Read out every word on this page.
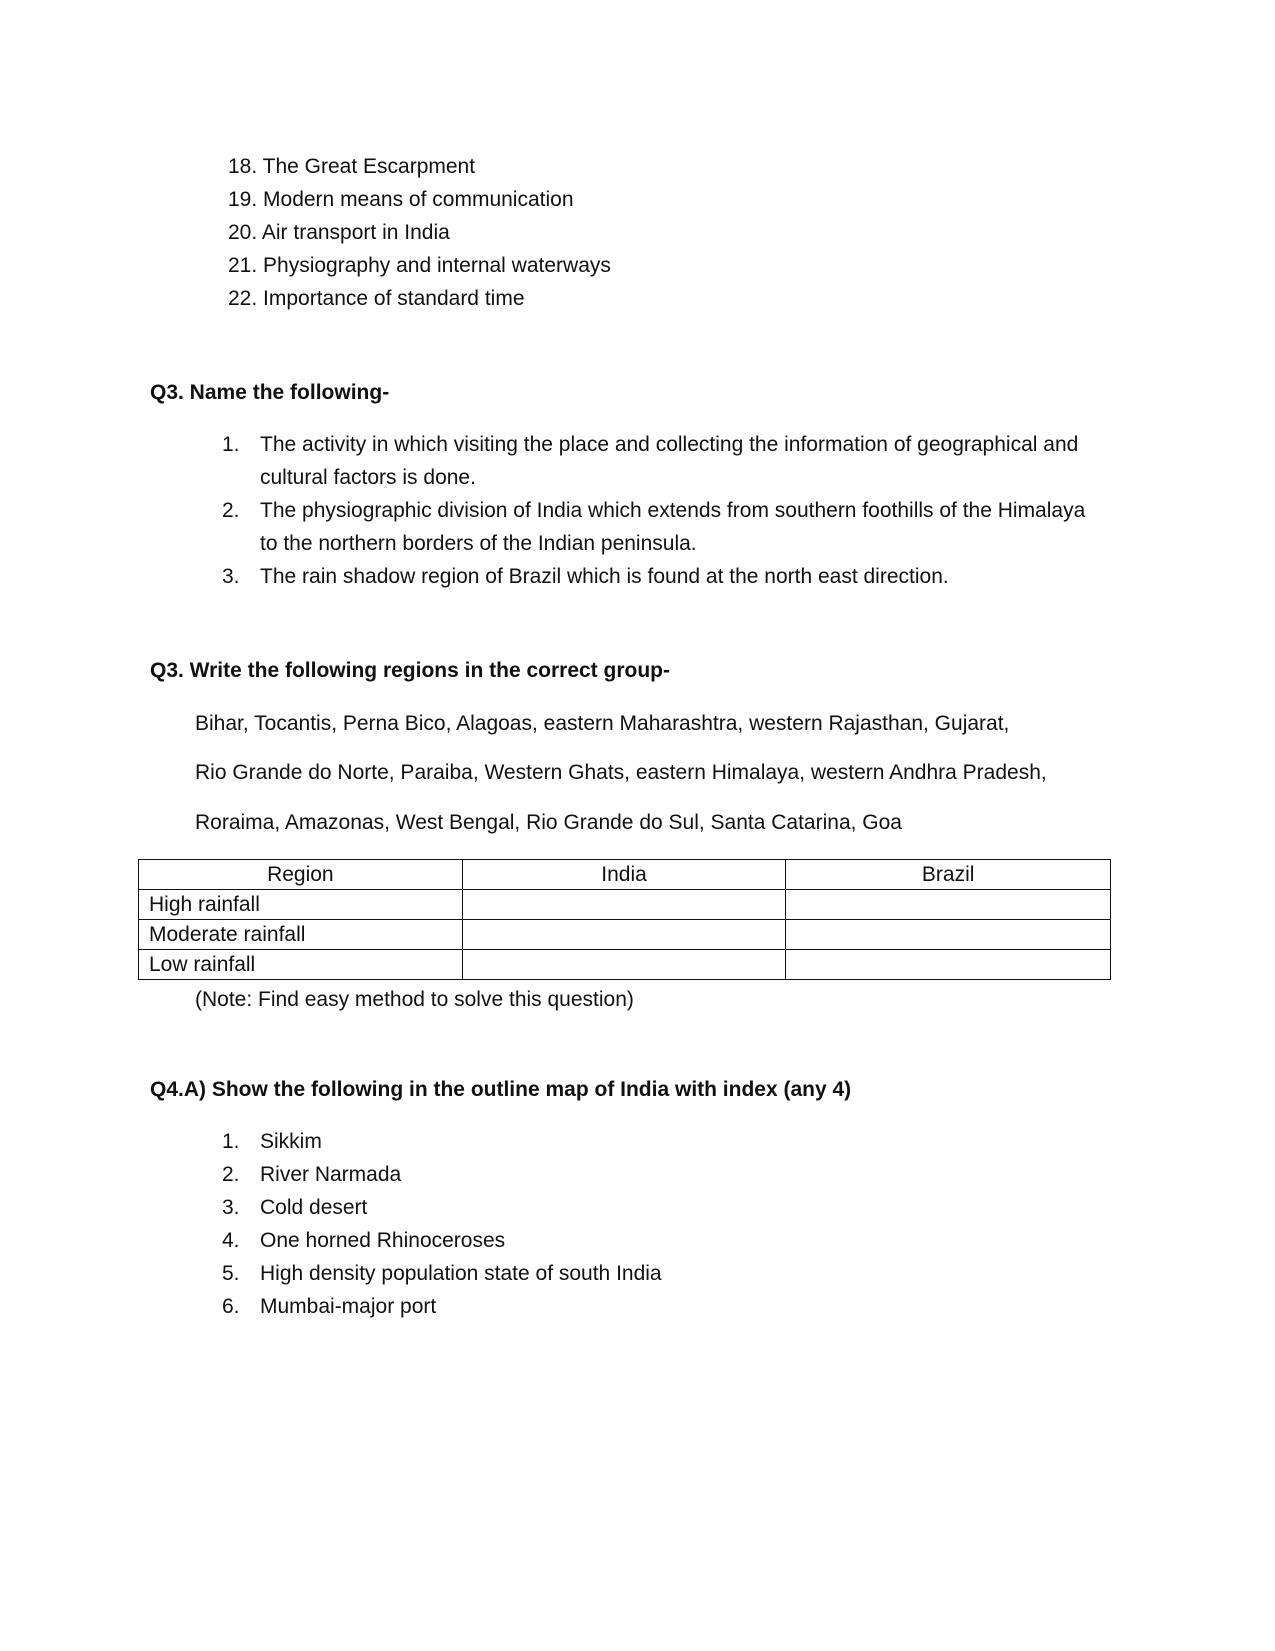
18. The Great Escarpment
19. Modern means of communication
20. Air transport in India
21. Physiography and internal waterways
22. Importance of standard time
Q3. Name the following-
1. The activity in which visiting the place and collecting the information of geographical and cultural factors is done.
2. The physiographic division of India which extends from southern foothills of the Himalaya to the northern borders of the Indian peninsula.
3. The rain shadow region of Brazil which is found at the north east direction.
Q3. Write the following regions in the correct group-

Bihar, Tocantis, Perna Bico, Alagoas, eastern Maharashtra, western Rajasthan, Gujarat,

Rio Grande do Norte, Paraiba, Western Ghats, eastern Himalaya, western Andhra Pradesh,

Roraima, Amazonas, West Bengal, Rio Grande do Sul, Santa Catarina, Goa

Region	India	Brazil
High rainfall		
Moderate rainfall		
Low rainfall		

(Note: Find easy method to solve this question)

Q4.A) Show the following in the outline map of India with index (any 4)
1. Sikkim
2. River Narmada
3. Cold desert
4. One horned Rhinoceroses
5. High density population state of south India
6. Mumbai-major port
